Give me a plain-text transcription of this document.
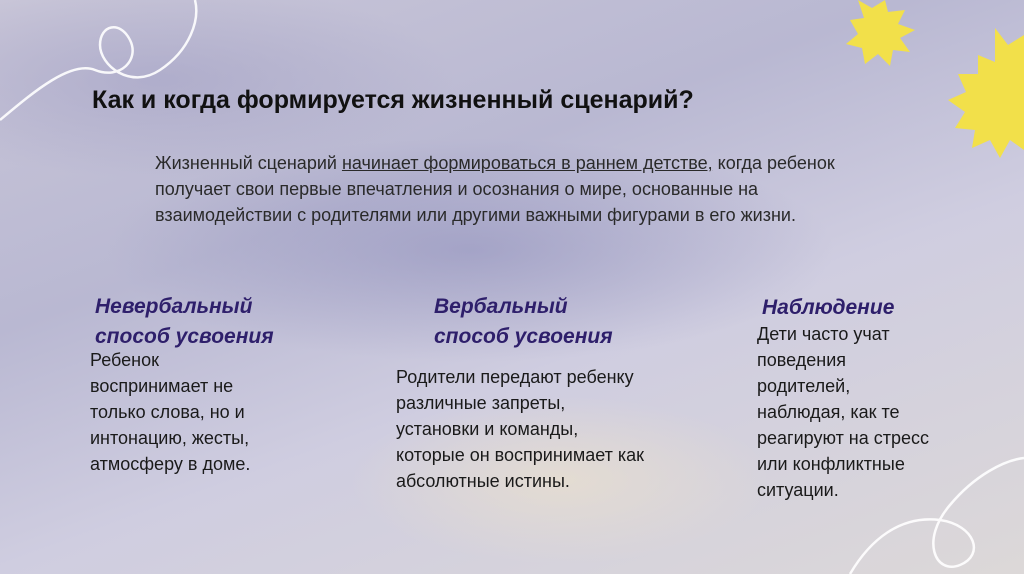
Как и когда формируется жизненный сценарий?
Жизненный сценарий начинает формироваться в раннем детстве, когда ребенок получает свои первые впечатления и осознания о мире, основанные на взаимодействии с родителями или другими важными фигурами в его жизни.
Невербальный
способ усвоения
Ребенок
воспринимает не
только слова, но и
интонацию, жесты,
атмосферу в доме.
Вербальный
способ усвоения
Родители передают ребенку
различные запреты,
установки и команды,
которые он воспринимает как
абсолютные истины.
Наблюдение
Дети часто учат
поведения
родителей,
наблюдая, как те
реагируют на стресс
или конфликтные
ситуации.
